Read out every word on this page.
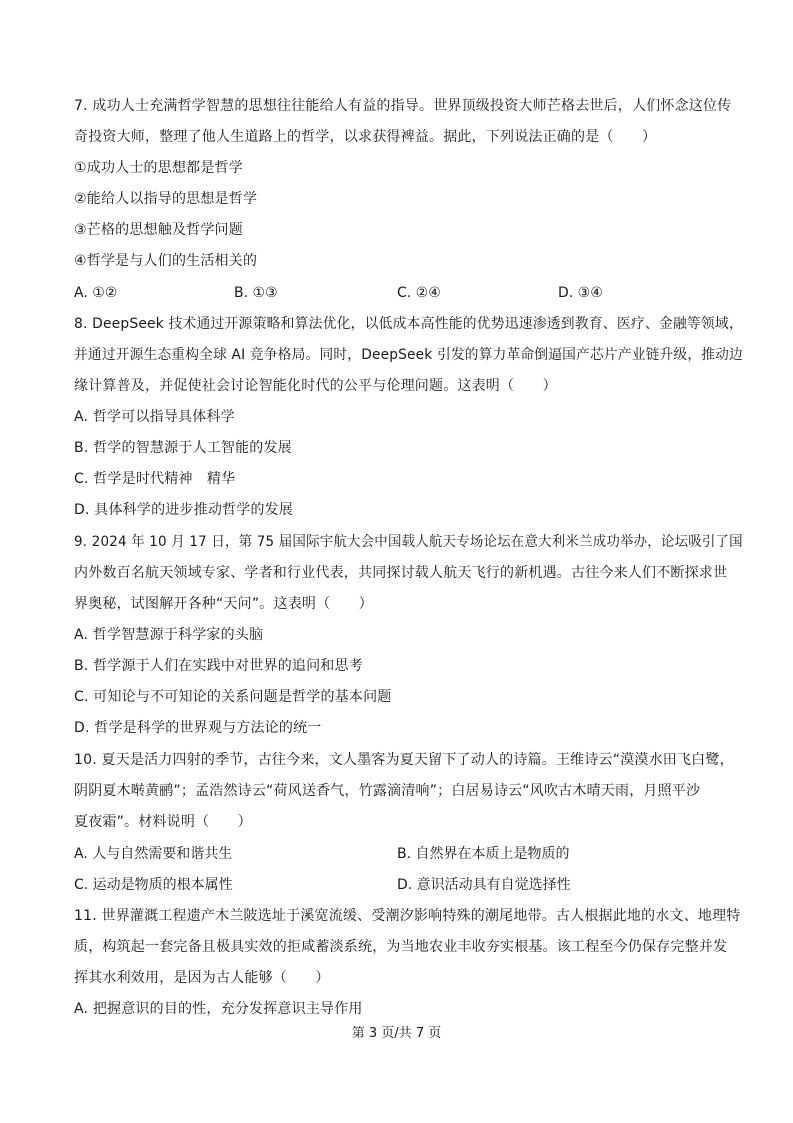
7. 成功人士充满哲学智慧的思想往往能给人有益的指导。世界顶级投资大师芒格去世后，人们怀念这位传
奇投资大师，整理了他人生道路上的哲学，以求获得裨益。据此，下列说法正确的是（　　）
①成功人士的思想都是哲学
②能给人以指导的思想是哲学
③芒格的思想触及哲学问题
④哲学是与人们的生活相关的
A. ①②	B. ①③	C. ②④	D. ③④
8. DeepSeek 技术通过开源策略和算法优化，以低成本高性能的优势迅速渗透到教育、医疗、金融等领域，
并通过开源生态重构全球 AI 竞争格局。同时，DeepSeek 引发的算力革命倒逼国产芯片产业链升级，推动边
缘计算普及，并促使社会讨论智能化时代的公平与伦理问题。这表明（　　）
A. 哲学可以指导具体科学
B. 哲学的智慧源于人工智能的发展
C. 哲学是时代精神　精华
D. 具体科学的进步推动哲学的发展
9. 2024 年 10 月 17 日，第 75 届国际宇航大会中国载人航天专场论坛在意大利米兰成功举办，论坛吸引了国
内外数百名航天领域专家、学者和行业代表，共同探讨载人航天飞行的新机遇。古往今来人们不断探求世
界奥秘，试图解开各种“天问”。这表明（　　）
A. 哲学智慧源于科学家的头脑
B. 哲学源于人们在实践中对世界的追问和思考
C. 可知论与不可知论的关系问题是哲学的基本问题
D. 哲学是科学的世界观与方法论的统一
10. 夏天是活力四射的季节，古往今来，文人墨客为夏天留下了动人的诗篇。王维诗云“漠漠水田飞白鹭，
阴阴夏木啭黄鹂”；孟浩然诗云“荷风送香气，竹露滴清响”；白居易诗云“风吹古木晴天雨，月照平沙
夏夜霜”。材料说明（　　）
A. 人与自然需要和谐共生	B. 自然界在本质上是物质的
C. 运动是物质的根本属性	D. 意识活动具有自觉选择性
11. 世界灌溉工程遗产木兰陂选址于溪宽流缓、受潮汐影响特殊的潮尾地带。古人根据此地的水文、地理特
质，构筑起一套完备且极具实效的拒咸蓄淡系统，为当地农业丰收夯实根基。该工程至今仍保存完整并发
挥其水利效用，是因为古人能够（　　）
A. 把握意识的目的性，充分发挥意识主导作用
第 3 页/共 7 页
